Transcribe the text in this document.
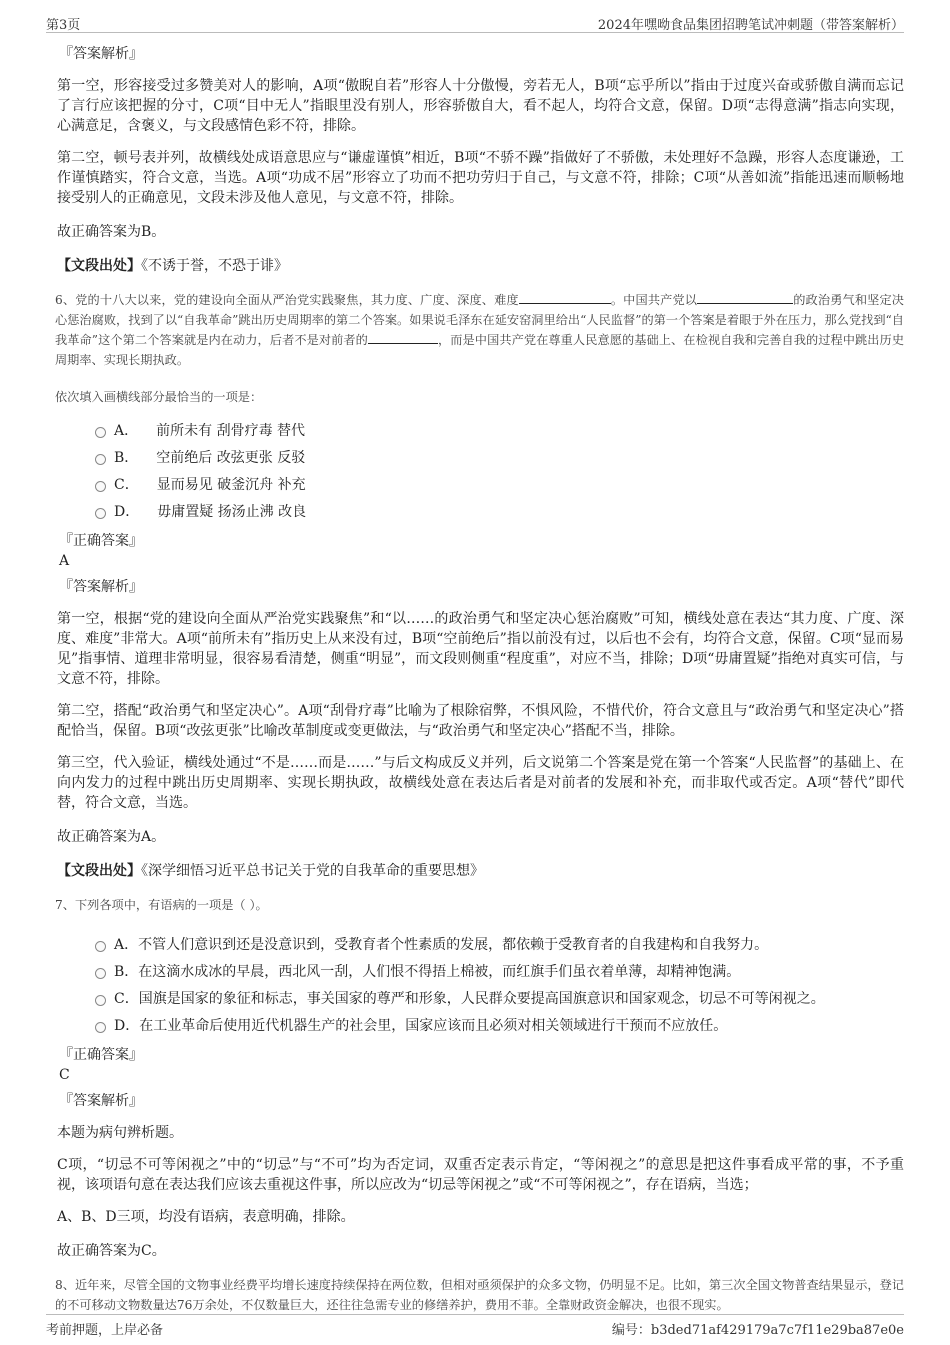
第3页	2024年嘿呦食品集团招聘笔试冲刺题（带答案解析）
『答案解析』

第一空，形容接受过多赞美对人的影响，A项“傲睨自若”形容人十分傲慢，旁若无人，B项“忘乎所以”指由于过度兴奋或骄傲自满而忘记了言行应该把握的分寸，C项“目中无人”指眼里没有别人，形容骄傲自大，看不起人，均符合文意，保留。D项“志得意满”指志向实现，心满意足，含褒义，与文段感情色彩不符，排除。

第二空，顿号表并列，故横线处成语意思应与“谦虚谨慎”相近，B项“不骄不躁”指做好了不骄傲，未处理好不急躁，形容人态度谦逊，工作谨慎踏实，符合文意，当选。A项“功成不居”形容立了功而不把功劳归于自己，与文意不符，排除；C项“从善如流”指能迅速而顺畅地接受别人的正确意见，文段未涉及他人意见，与文意不符，排除。

故正确答案为B。

【文段出处】《不诱于誉，不恐于诽》

6、党的十八大以来，党的建设向全面从严治党实践聚焦，其力度、广度、深度、难度	。中国共产党以	的政治勇气和坚定决心惩治腐败，找到了以“自我革命”跳出历史周期率的第二个答案。如果说毛泽东在延安窑洞里给出“人民监督”的第一个答案是着眼于外在压力，那么党找到“自我革命”这个第二个答案就是内在动力，后者不是对前者的	，而是中国共产党在尊重人民意愿的基础上、在检视自我和完善自我的过程中跳出历史周期率、实现长期执政。

依次填入画横线部分最恰当的一项是：
A． 前所未有 刮骨疗毒 替代
B． 空前绝后 改弦更张 反驳
C． 显而易见 破釜沉舟 补充
D． 毋庸置疑 扬汤止沸 改良
『正确答案』
A
『答案解析』

第一空，根据“党的建设向全面从严治党实践聚焦”和“以……的政治勇气和坚定决心惩治腐败”可知，横线处意在表达“其力度、广度、深度、难度”非常大。A项“前所未有”指历史上从来没有过，B项“空前绝后”指以前没有过，以后也不会有，均符合文意，保留。C项“显而易见”指事情、道理非常明显，很容易看清楚，侧重“明显”，而文段则侧重“程度重”，对应不当，排除；D项“毋庸置疑”指绝对真实可信，与文意不符，排除。

第二空，搭配“政治勇气和坚定决心”。A项“刮骨疗毒”比喻为了根除宿弊，不惧风险，不惜代价，符合文意且与“政治勇气和坚定决心”搭配恰当，保留。B项“改弦更张”比喻改革制度或变更做法，与“政治勇气和坚定决心”搭配不当，排除。

第三空，代入验证，横线处通过“不是……而是……”与后文构成反义并列，后文说第二个答案是党在第一个答案“人民监督”的基础上、在向内发力的过程中跳出历史周期率、实现长期执政，故横线处意在表达后者是对前者的发展和补充，而非取代或否定。A项“替代”即代替，符合文意，当选。

故正确答案为A。

【文段出处】《深学细悟习近平总书记关于党的自我革命的重要思想》

7、下列各项中，有语病的一项是（ ）。

A． 不管人们意识到还是没意识到，受教育者个性素质的发展，都依赖于受教育者的自我建构和自我努力。
B． 在这滴水成冰的早晨，西北风一刮，人们恨不得捂上棉被，而红旗手们虽衣着单薄，却精神饱满。
C． 国旗是国家的象征和标志，事关国家的尊严和形象，人民群众要提高国旗意识和国家观念，切忌不可等闲视之。
D． 在工业革命后使用近代机器生产的社会里，国家应该而且必须对相关领域进行干预而不应放任。
『正确答案』
C
『答案解析』

本题为病句辨析题。

C项，“切忌不可等闲视之”中的“切忌”与“不可”均为否定词，双重否定表示肯定，“等闲视之”的意思是把这件事看成平常的事，不予重视，该项语句意在表达我们应该去重视这件事，所以应改为“切忌等闲视之”或“不可等闲视之”，存在语病，当选；

A、B、D三项，均没有语病，表意明确，排除。

故正确答案为C。

8、近年来，尽管全国的文物事业经费平均增长速度持续保持在两位数，但相对亟须保护的众多文物，仍明显不足。比如，第三次全国文物普查结果显示，登记的不可移动文物数量达76万余处，不仅数量巨大，还往往急需专业的修缮养护，费用不菲。全靠财政资金解决，也很不现实。

考前押题，上岸必备	编号：b3ded71af429179a7c7f11e29ba87e0e
